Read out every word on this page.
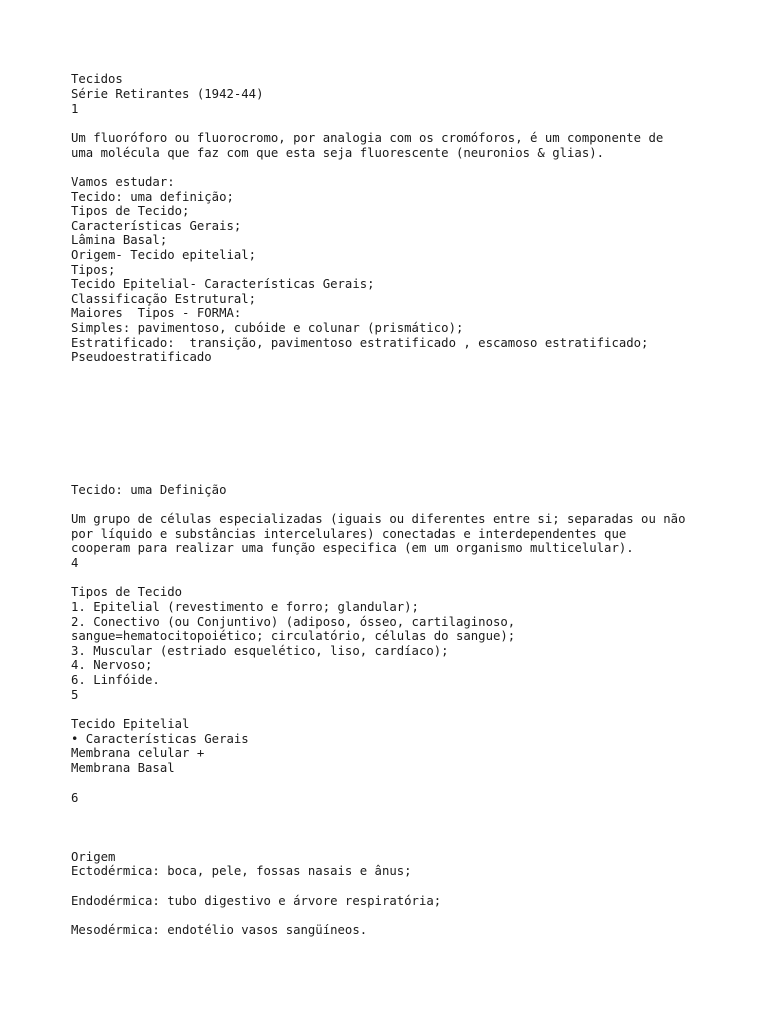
Tecidos

Série Retirantes (1942-44)

1

Um fluoróforo ou fluorocromo, por analogia com os cromóforos, é um componente de

uma molécula que faz com que esta seja fluorescente (neuronios & glias).

Vamos estudar:

Tecido: uma definição;

Tipos de Tecido;

Características Gerais;

Lâmina Basal;

Origem- Tecido epitelial;

Tipos;

Tecido Epitelial- Características Gerais;

Classificação Estrutural;

Maiores  Tipos - FORMA:

Simples: pavimentoso, cubóide e colunar (prismático);

Estratificado:  transição, pavimentoso estratificado , escamoso estratificado;

Pseudoestratificado

Tecido: uma Definição

Um grupo de células especializadas (iguais ou diferentes entre si; separadas ou não

por líquido e substâncias intercelulares) conectadas e interdependentes que

cooperam para realizar uma função especifica (em um organismo multicelular).

4

Tipos de Tecido

1. Epitelial (revestimento e forro; glandular);

2. Conectivo (ou Conjuntivo) (adiposo, ósseo, cartilaginoso,

sangue=hematocitopoiético; circulatório, células do sangue);

3. Muscular (estriado esquelético, liso, cardíaco);

4. Nervoso;

6. Linfóide.

5

Tecido Epitelial

• Características Gerais

Membrana celular +

Membrana Basal

6

Origem

Ectodérmica: boca, pele, fossas nasais e ânus;

Endodérmica: tubo digestivo e árvore respiratória;

Mesodérmica: endotélio vasos sangüíneos.
